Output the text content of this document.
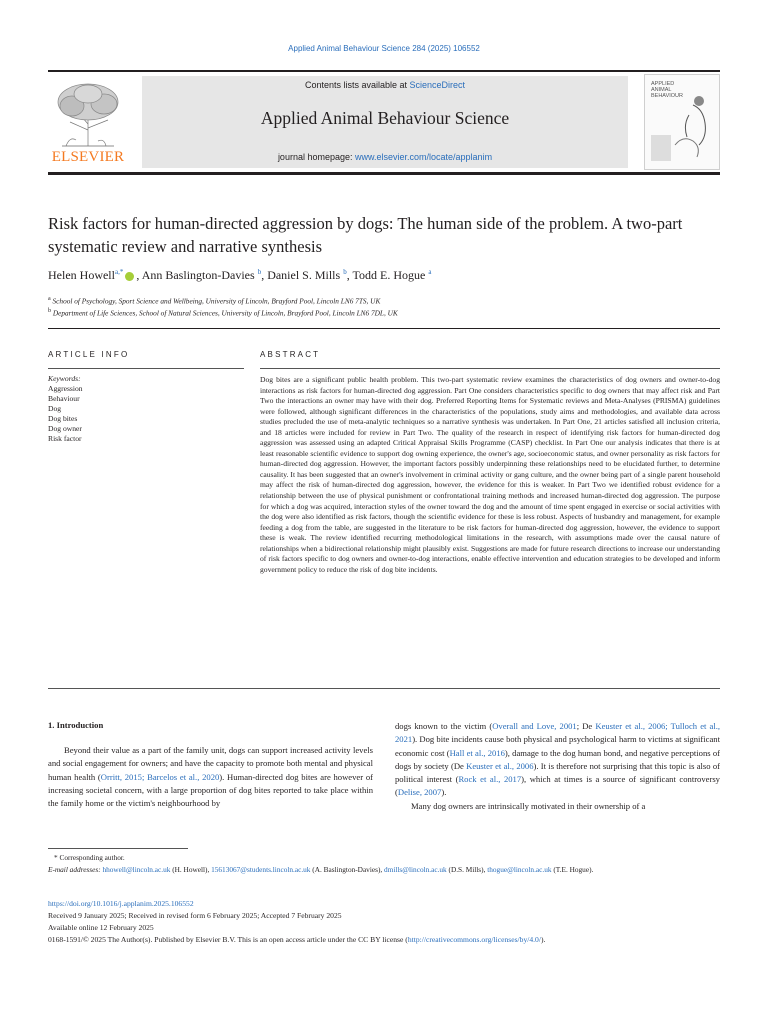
Applied Animal Behaviour Science 284 (2025) 106552
ELSEVIER
Contents lists available at ScienceDirect
Applied Animal Behaviour Science
journal homepage: www.elsevier.com/locate/applanim
APPLIED ANIMAL BEHAVIOUR
Risk factors for human-directed aggression by dogs: The human side of the problem. A two-part systematic review and narrative synthesis
Helen Howell$^{a,*}$ , Ann Baslington-Davies $^b$, Daniel S. Mills $^b$, Todd E. Hogue $^a$
$^a$ School of Psychology, Sport Science and Wellbeing, University of Lincoln, Brayford Pool, Lincoln LN6 7TS, UK
$^b$ Department of Life Sciences, School of Natural Sciences, University of Lincoln, Brayford Pool, Lincoln LN6 7DL, UK
ARTICLE INFO	ABSTRACT
Keywords:
Aggression
Behaviour
Dog
Dog bites
Dog owner
Risk factor
Dog bites are a significant public health problem. This two-part systematic review examines the characteristics of dog owners and owner-to-dog interactions as risk factors for human-directed dog aggression. Part One considers characteristics specific to dog owners that may affect risk and Part Two the interactions an owner may have with their dog. Preferred Reporting Items for Systematic reviews and Meta-Analyses (PRISMA) guidelines were followed, although significant differences in the characteristics of the populations, study aims and methodologies, and available data across studies precluded the use of meta-analytic techniques so a narrative synthesis was undertaken. In Part One, 21 articles satisfied all inclusion criteria, and 18 articles were included for review in Part Two. The quality of the research in respect of identifying risk factors for human-directed dog aggression was assessed using an adapted Critical Appraisal Skills Programme (CASP) checklist. In Part One our analysis indicates that there is at least reasonable scientific evidence to support dog owning experience, the owner's age, socioeconomic status, and owner personality as risk factors for human-directed dog aggression. However, the important factors possibly underpinning these relationships need to be elucidated further, to determine causality. It has been suggested that an owner's involvement in criminal activity or gang culture, and the owner being part of a single parent household may affect the risk of human-directed dog aggression, however, the evidence for this is weaker. In Part Two we identified robust evidence for a relationship between the use of physical punishment or confrontational training methods and increased human-directed dog aggression. The purpose for which a dog was acquired, interaction styles of the owner toward the dog and the amount of time spent engaged in exercise or social activities with the dog were also identified as risk factors, though the scientific evidence for these is less robust. Aspects of husbandry and management, for example feeding a dog from the table, are suggested in the literature to be risk factors for human-directed dog aggression, however, the evidence to support these is weak. The review identified recurring methodological limitations in the research, with assumptions made over the causal nature of relationships when a bidirectional relationship might plausibly exist. Suggestions are made for future research directions to increase our understanding of risk factors specific to dog owners and owner-to-dog interactions, enable effective intervention and education strategies to be developed and inform government policy to reduce the risk of dog bite incidents.
1. Introduction
Beyond their value as a part of the family unit, dogs can support increased activity levels and social engagement for owners; and have the capacity to promote both mental and physical human health (Orritt, 2015; Barcelos et al., 2020). Human-directed dog bites are however of increasing societal concern, with a large proportion of dog bites reported to take place within the family home or the victim's neighbourhood by

dogs known to the victim (Overall and Love, 2001; De Keuster et al., 2006; Tulloch et al., 2021). Dog bite incidents cause both physical and psychological harm to victims at significant economic cost (Hall et al., 2016), damage to the dog human bond, and negative perceptions of dogs by society (De Keuster et al., 2006). It is therefore not surprising that this topic is also of political interest (Rock et al., 2017), which at times is a source of significant controversy (Delise, 2007).

Many dog owners are intrinsically motivated in their ownership of a

* Corresponding author.
E-mail addresses: hhowell@lincoln.ac.uk (H. Howell), 15613067@students.lincoln.ac.uk (A. Baslington-Davies), dmills@lincoln.ac.uk (D.S. Mills), thogue@lincoln.ac.uk (T.E. Hogue).
https://doi.org/10.1016/j.applanim.2025.106552
Received 9 January 2025; Received in revised form 6 February 2025; Accepted 7 February 2025
Available online 12 February 2025
0168-1591/© 2025 The Author(s). Published by Elsevier B.V. This is an open access article under the CC BY license (http://creativecommons.org/licenses/by/4.0/).
